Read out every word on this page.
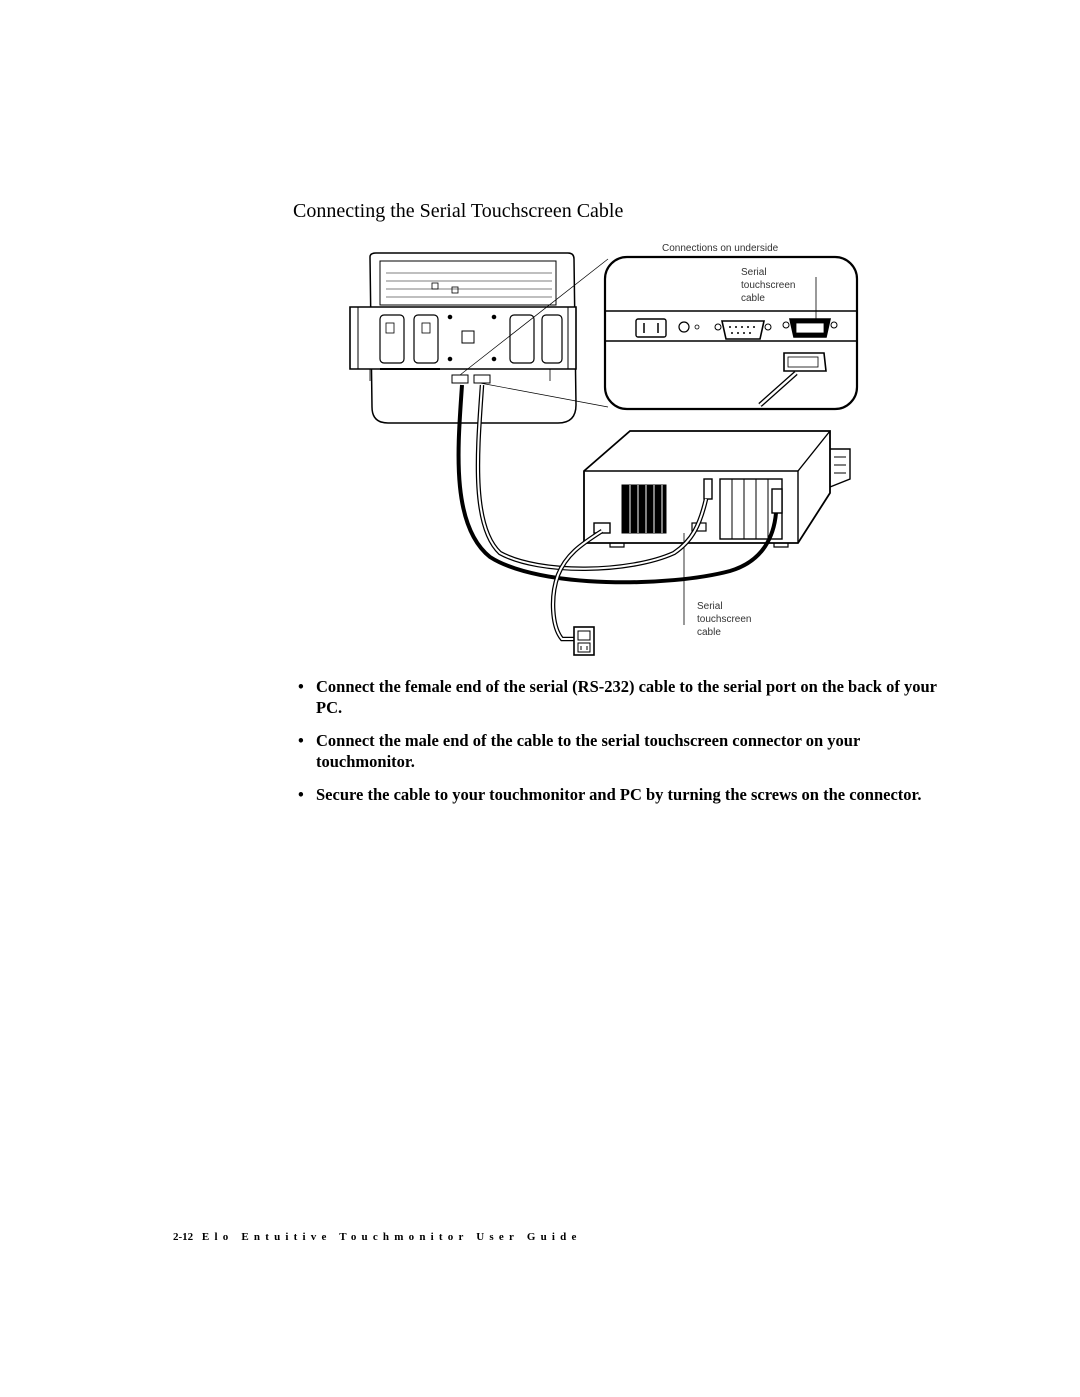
Connecting the Serial Touchscreen Cable
Connections on underside
Serial
touchscreen
cable
Serial
touchscreen
cable
• Connect the female end of the serial (RS-232) cable to the serial port on the back of your PC.
• Connect the male end of the cable to the serial touchscreen connector on your touchmonitor.
• Secure the cable to your touchmonitor and PC by turning the screws on the connector.
2-12 Elo Entuitive Touchmonitor User Guide
